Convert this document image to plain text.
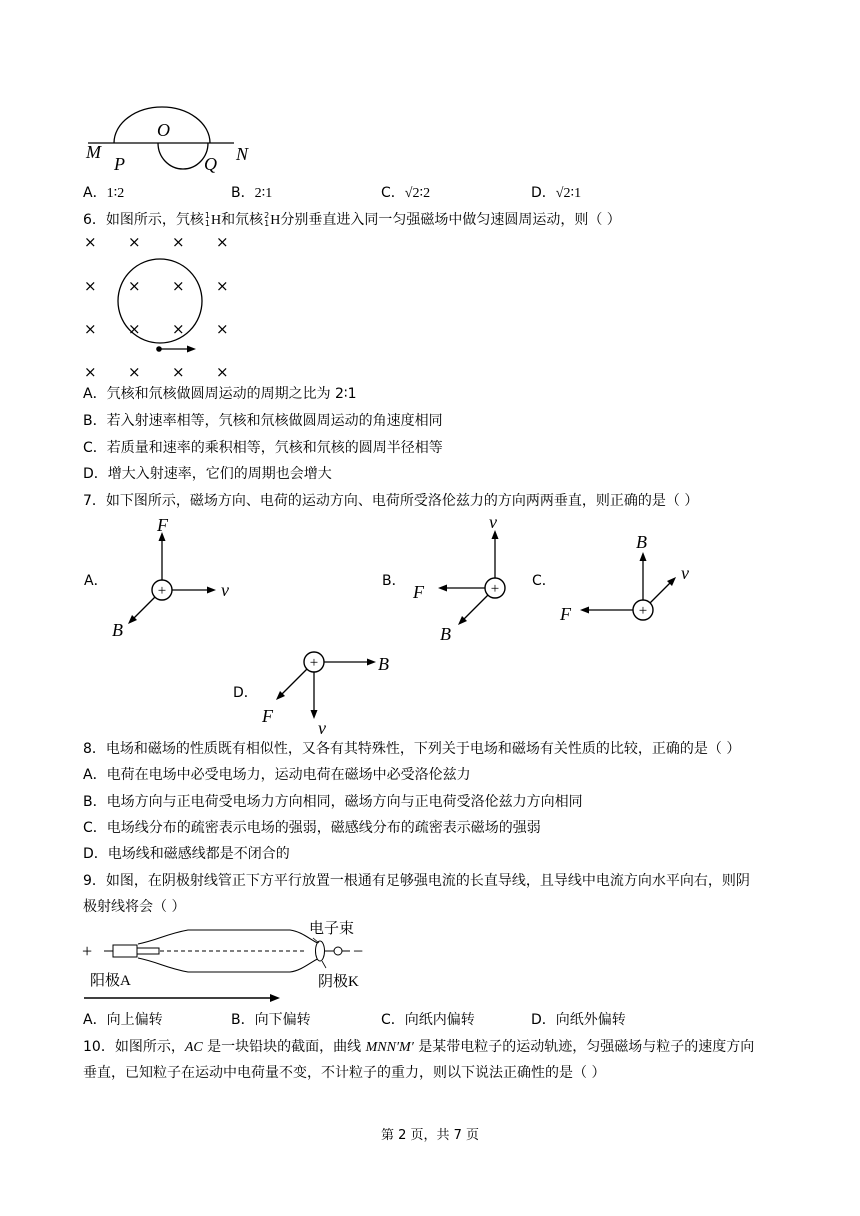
M
P
O
Q N
A．1∶2	B．2∶1	C．√2∶2	D．√2∶1
6．如图所示，氕核1
1H和氘核2
1H分别垂直进入同一匀强磁场中做匀速圆周运动，则（ ）
× × × ×
× × × ×
× × × ×
× × × ×
A．氕核和氘核做圆周运动的周期之比为 2∶1
B．若入射速率相等，氕核和氘核做圆周运动的角速度相同
C．若质量和速率的乘积相等，氕核和氘核的圆周半径相等
D．增大入射速率，它们的周期也会增大
7．如下图所示，磁场方向、电荷的运动方向、电荷所受洛伦兹力的方向两两垂直，则正确的是（ ）
A．
+
F
v
B
B．	+
v
F
B
C．
+
B
v
F
D．
+	B
F
v
8．电场和磁场的性质既有相似性，又各有其特殊性，下列关于电场和磁场有关性质的比较，正确的是（ ）
A．电荷在电场中必受电场力，运动电荷在磁场中必受洛伦兹力
B．电场方向与正电荷受电场力方向相同，磁场方向与正电荷受洛伦兹力方向相同
C．电场线分布的疏密表示电场的强弱，磁感线分布的疏密表示磁场的强弱
D．电场线和磁感线都是不闭合的
9．如图，在阴极射线管正下方平行放置一根通有足够强电流的长直导线，且导线中电流方向水平向右，则阴
极射线将会（ ）
+	−
电子束
阳极A	阴极K
A．向上偏转	B．向下偏转	C．向纸内偏转	D．向纸外偏转
10．如图所示，AC 是一块铅块的截面，曲线 MNN′M′ 是某带电粒子的运动轨迹，匀强磁场与粒子的速度方向
垂直，已知粒子在运动中电荷量不变，不计粒子的重力，则以下说法正确性的是（ ）
第 2 页，共 7 页
